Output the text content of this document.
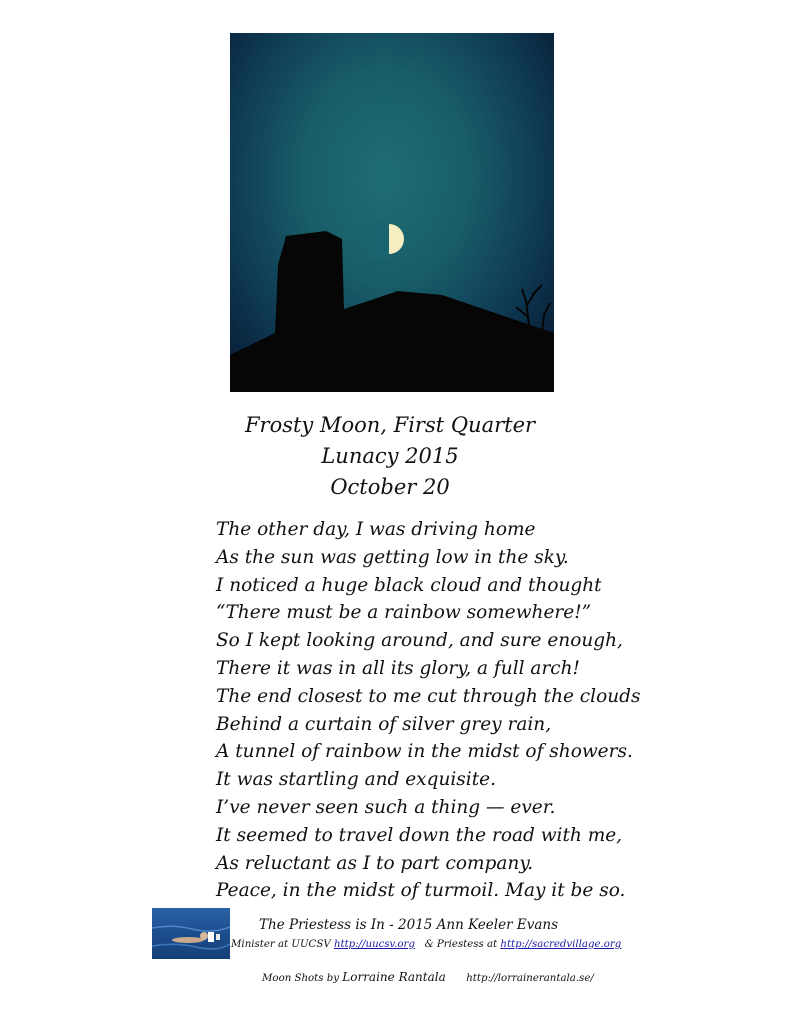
Frosty Moon, First Quarter
Lunacy 2015
October 20
The other day, I was driving home
As the sun was getting low in the sky.
I noticed a huge black cloud and thought
“There must be a rainbow somewhere!”
So I kept looking around, and sure enough,
There it was in all its glory, a full arch!
The end closest to me cut through the clouds
Behind a curtain of silver grey rain,
A tunnel of rainbow in the midst of showers.
It was startling and exquisite.
I’ve never seen such a thing — ever.
It seemed to travel down the road with me,
As reluctant as I to part company.
Peace, in the midst of turmoil. May it be so.
The Priestess is In - 2015 Ann Keeler Evans
Minister at UUCSV http://uucsv.org & Priestess at http://sacredvillage.org
Moon Shots by Lorraine Rantala http://lorrainerantala.se/
